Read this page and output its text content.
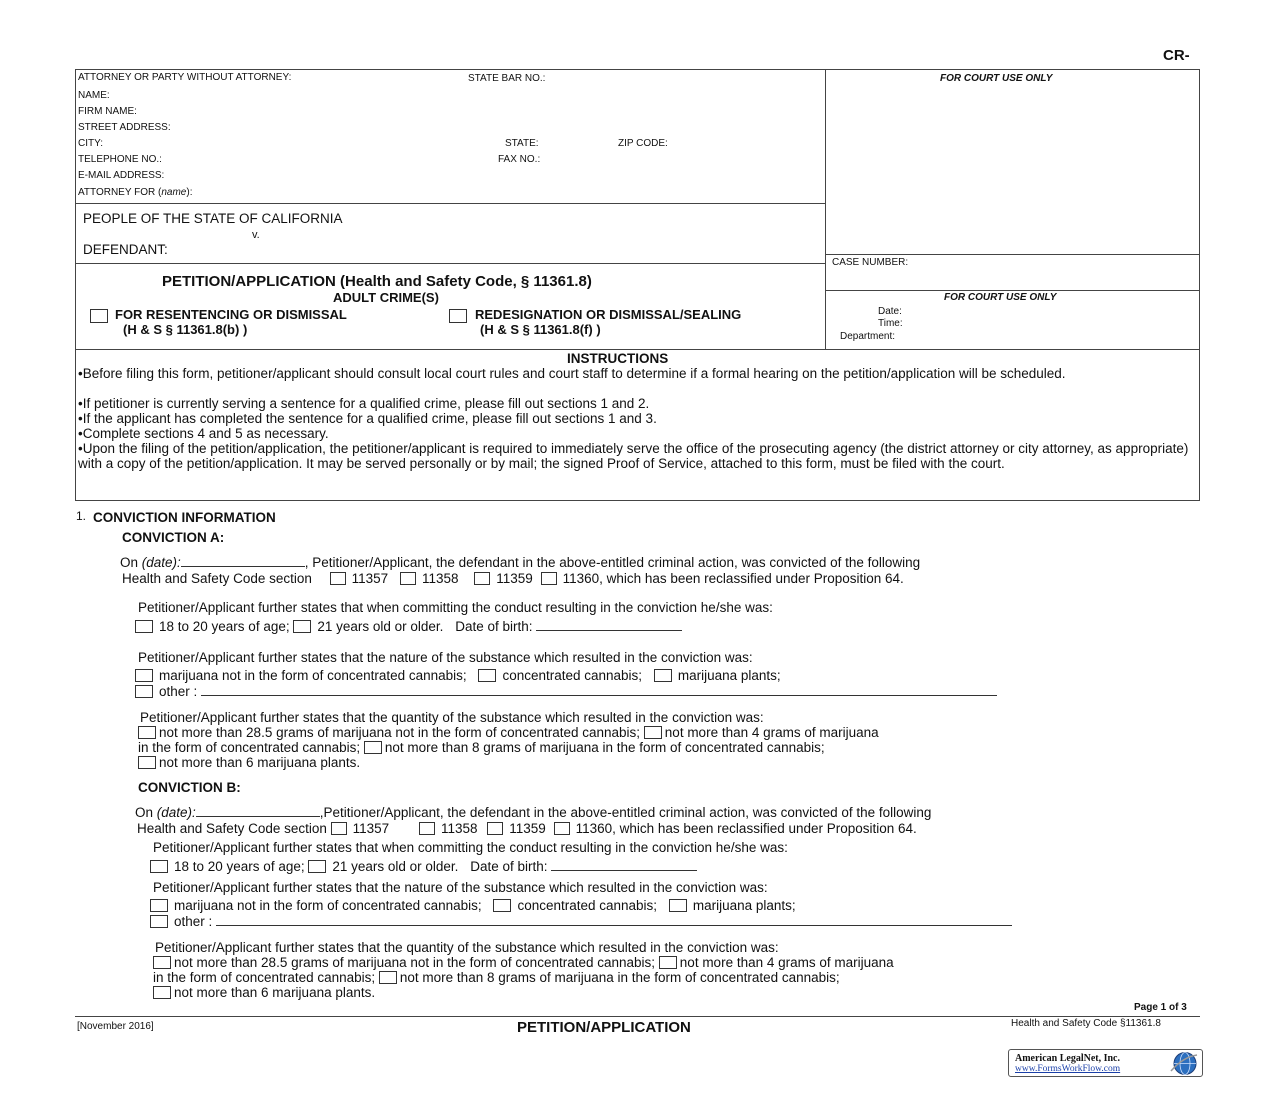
CR-
ATTORNEY OR PARTY WITHOUT ATTORNEY:	STATE BAR NO.:	FOR COURT USE ONLY
NAME:
FIRM NAME:
STREET ADDRESS:
CITY:	STATE:	ZIP CODE:
TELEPHONE NO.:	FAX NO.:
E-MAIL ADDRESS:
ATTORNEY FOR (name):
PEOPLE OF THE STATE OF CALIFORNIA
v.
DEFENDANT:
PETITION/APPLICATION (Health and Safety Code, § 11361.8)
ADULT CRIME(S)
FOR RESENTENCING OR DISMISSAL
(H & S § 11361.8(b) )
REDESIGNATION OR DISMISSAL/SEALING
(H & S § 11361.8(f) )
CASE NUMBER:
FOR COURT USE ONLY
Date:
Time:
Department:
INSTRUCTIONS
•Before filing this form, petitioner/applicant should consult local court rules and court staff to determine if a formal hearing on the petition/application will be scheduled.
•If petitioner is currently serving a sentence for a qualified crime, please fill out sections 1 and 2.
•If the applicant has completed the sentence for a qualified crime, please fill out sections 1 and 3.
•Complete sections 4 and 5 as necessary.
•Upon the filing of the petition/application, the petitioner/applicant is required to immediately serve the office of the prosecuting agency (the district attorney or city attorney, as appropriate) with a copy of the petition/application. It may be served personally or by mail; the signed Proof of Service, attached to this form, must be filed with the court.
1. CONVICTION INFORMATION
CONVICTION A:
On (date):	, Petitioner/Applicant, the defendant in the above-entitled criminal action, was convicted of the following
Health and Safety Code section	11357	11358	11359 11360, which has been reclassified under Proposition 64.
Petitioner/Applicant further states that when committing the conduct resulting in the conviction he/she was:
18 to 20 years of age; 21 years old or older. Date of birth:
Petitioner/Applicant further states that the nature of the substance which resulted in the conviction was:
marijuana not in the form of concentrated cannabis;	concentrated cannabis;	marijuana plants;
other :
Petitioner/Applicant further states that the quantity of the substance which resulted in the conviction was:
not more than 28.5 grams of marijuana not in the form of concentrated cannabis; not more than 4 grams of marijuana
in the form of concentrated cannabis; not more than 8 grams of marijuana in the form of concentrated cannabis;
not more than 6 marijuana plants.
CONVICTION B:
On (date):	,Petitioner/Applicant, the defendant in the above-entitled criminal action, was convicted of the following
Health and Safety Code section 11357	11358 11359 11360, which has been reclassified under Proposition 64.
Petitioner/Applicant further states that when committing the conduct resulting in the conviction he/she was:
18 to 20 years of age; 21 years old or older. Date of birth:
Petitioner/Applicant further states that the nature of the substance which resulted in the conviction was:
marijuana not in the form of concentrated cannabis;	concentrated cannabis;	marijuana plants;
other :
Petitioner/Applicant further states that the quantity of the substance which resulted in the conviction was:
not more than 28.5 grams of marijuana not in the form of concentrated cannabis; not more than 4 grams of marijuana
in the form of concentrated cannabis; not more than 8 grams of marijuana in the form of concentrated cannabis;
not more than 6 marijuana plants.
Page 1 of 3
[November 2016]	PETITION/APPLICATION	Health and Safety Code §11361.8
American LegalNet, Inc.
www.FormsWorkFlow.com
